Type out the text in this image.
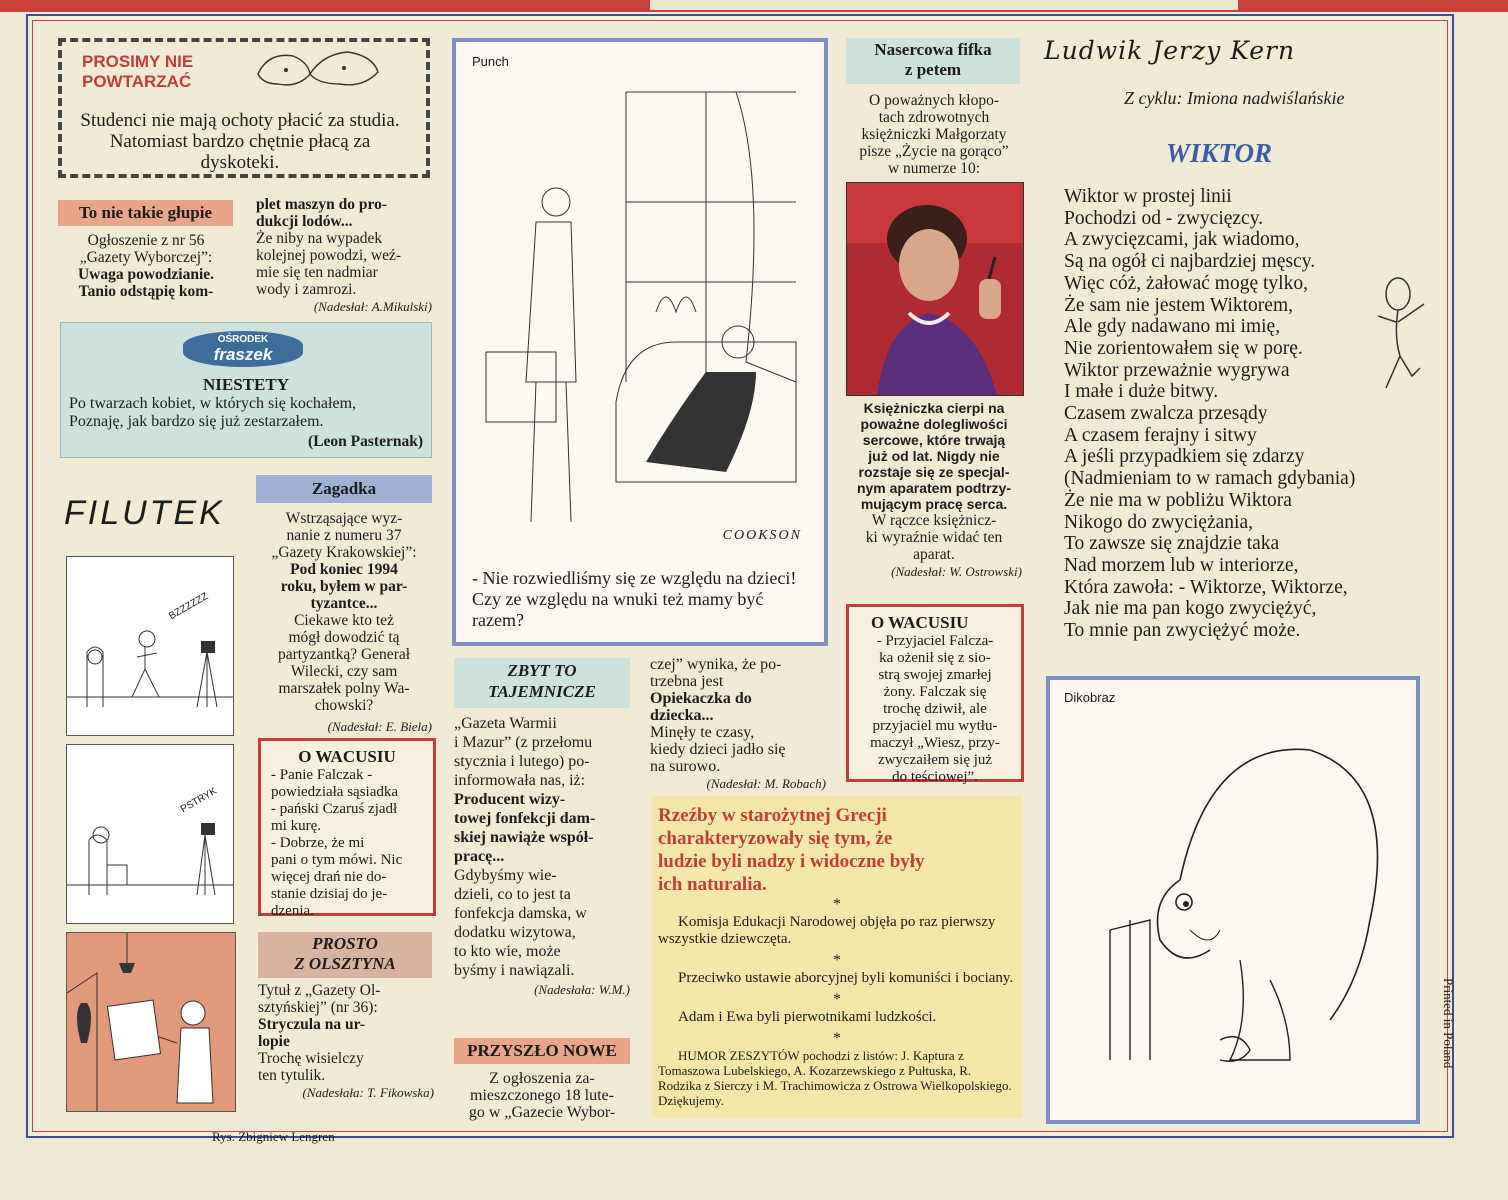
PROSIMY NIE
POWTARZAĆ

Studenci nie mają ochoty płacić za studia. Natomiast bardzo chętnie płacą za dyskoteki.

To nie takie głupie
Ogłoszenie z nr 56
„Gazety Wyborczej”:
Uwaga powodzianie.
Tanio odstąpię kom-
plet maszyn do pro-
dukcji lodów...
Że niby na wypadek
kolejnej powodzi, weź-
mie się ten nadmiar
wody i zamrozi.
(Nadesłał: A.Mikulski)
OŚRODEK
fraszek
NIESTETY
Po twarzach kobiet, w których się kochałem,
Poznaję, jak bardzo się już zestarzałem.
(Leon Pasternak)
FILUTEK
BZZZZZZ
PSTRYK
Zagadka
Wstrząsające wyz-
nanie z numeru 37
„Gazety Krakowskiej”:
Pod koniec 1994
roku, byłem w par-
tyzantce...
Ciekawe kto też
mógł dowodzić tą
partyzantką? Generał
Wilecki, czy sam
marszałek polny Wa-
chowski?
(Nadesłał: E. Biela)
O WACUSIU
- Panie Falczak -
powiedziała sąsiadka
- pański Czaruś zjadł
mi kurę.
- Dobrze, że mi
pani o tym mówi. Nic
więcej drań nie do-
stanie dzisiaj do je-
dzenia.
PROSTO
Z OLSZTYNA
Tytuł z „Gazety Ol-
sztyńskiej” (nr 36):
Stryczula na ur-
lopie
Trochę wisielczy
ten tytulik.
(Nadesłała: T. Fikowska)
Punch
COOKSON

- Nie rozwiedliśmy się ze względu na dzieci! Czy ze względu na wnuki też mamy być razem?

ZBYT TO
TAJEMNICZE
„Gazeta Warmii
i Mazur” (z przełomu
stycznia i lutego) po-
informowała nas, iż:
Producent wizy-
towej fonfekcji dam-
skiej nawiąże współ-
pracę...
Gdybyśmy wie-
dzieli, co to jest ta
fonfekcja damska, w
dodatku wizytowa,
to kto wie, może
byśmy i nawiązali.
(Nadesłała: W.M.)
PRZYSZŁO NOWE
Z ogłoszenia za-
mieszczonego 18 lute-
go w „Gazecie Wybor-
czej” wynika, że po-
trzebna jest
Opiekaczka do
dziecka...
Minęły te czasy,
kiedy dzieci jadło się
na surowo.
(Nadesłał: M. Robach)
Nasercowa fifka
z petem
O poważnych kłopo-
tach zdrowotnych
księżniczki Małgorzaty
pisze „Życie na gorąco”
w numerze 10:
Księżniczka cierpi na
poważne dolegliwości
sercowe, które trwają
już od lat. Nigdy nie
rozstaje się ze specjal-
nym aparatem podtrzy-
mującym pracę serca.
W rączce księżnicz-
ki wyraźnie widać ten
aparat.
(Nadesłał: W. Ostrowski)
O WACUSIU
- Przyjaciel Falcza-
ka ożenił się z sio-
strą swojej zmarłej
żony. Falczak się
trochę dziwił, ale
przyjaciel mu wytłu-
maczył „Wiesz, przy-
zwyczaiłem się już
do teściowej”.
Rzeźby w starożytnej Grecji
charakteryzowały się tym, że
ludzie byli nadzy i widoczne były
ich naturalia.
*

Komisja Edukacji Narodowej objęła po raz pierwszy wszystkie dziewczęta.

*

Przeciwko ustawie aborcyjnej byli komuniści i bociany.

*

Adam i Ewa byli pierwotnikami ludzkości.

*

HUMOR ZESZYTÓW pochodzi z listów: J. Kaptura z Tomaszowa Lubelskiego, A. Kozarzewskiego z Pułtuska, R. Rodzika z Sierczy i M. Trachimowicza z Ostrowa Wielkopolskiego. Dziękujemy.

Ludwik Jerzy Kern
Z cyklu: Imiona nadwiślańskie
WIKTOR
Wiktor w prostej linii
Pochodzi od - zwycięzcy.
A zwycięzcami, jak wiadomo,
Są na ogół ci najbardziej męscy.
Więc cóż, żałować mogę tylko,
Że sam nie jestem Wiktorem,
Ale gdy nadawano mi imię,
Nie zorientowałem się w porę.
Wiktor przeważnie wygrywa
I małe i duże bitwy.
Czasem zwalcza przesądy
A czasem ferajny i sitwy
A jeśli przypadkiem się zdarzy
(Nadmieniam to w ramach gdybania)
Że nie ma w pobliżu Wiktora
Nikogo do zwyciężania,
To zawsze się znajdzie taka
Nad morzem lub w interiorze,
Która zawoła: - Wiktorze, Wiktorze,
Jak nie ma pan kogo zwyciężyć,
To mnie pan zwyciężyć może.
Dikobraz
Printed in Poland
Rys. Zbigniew Lengren
